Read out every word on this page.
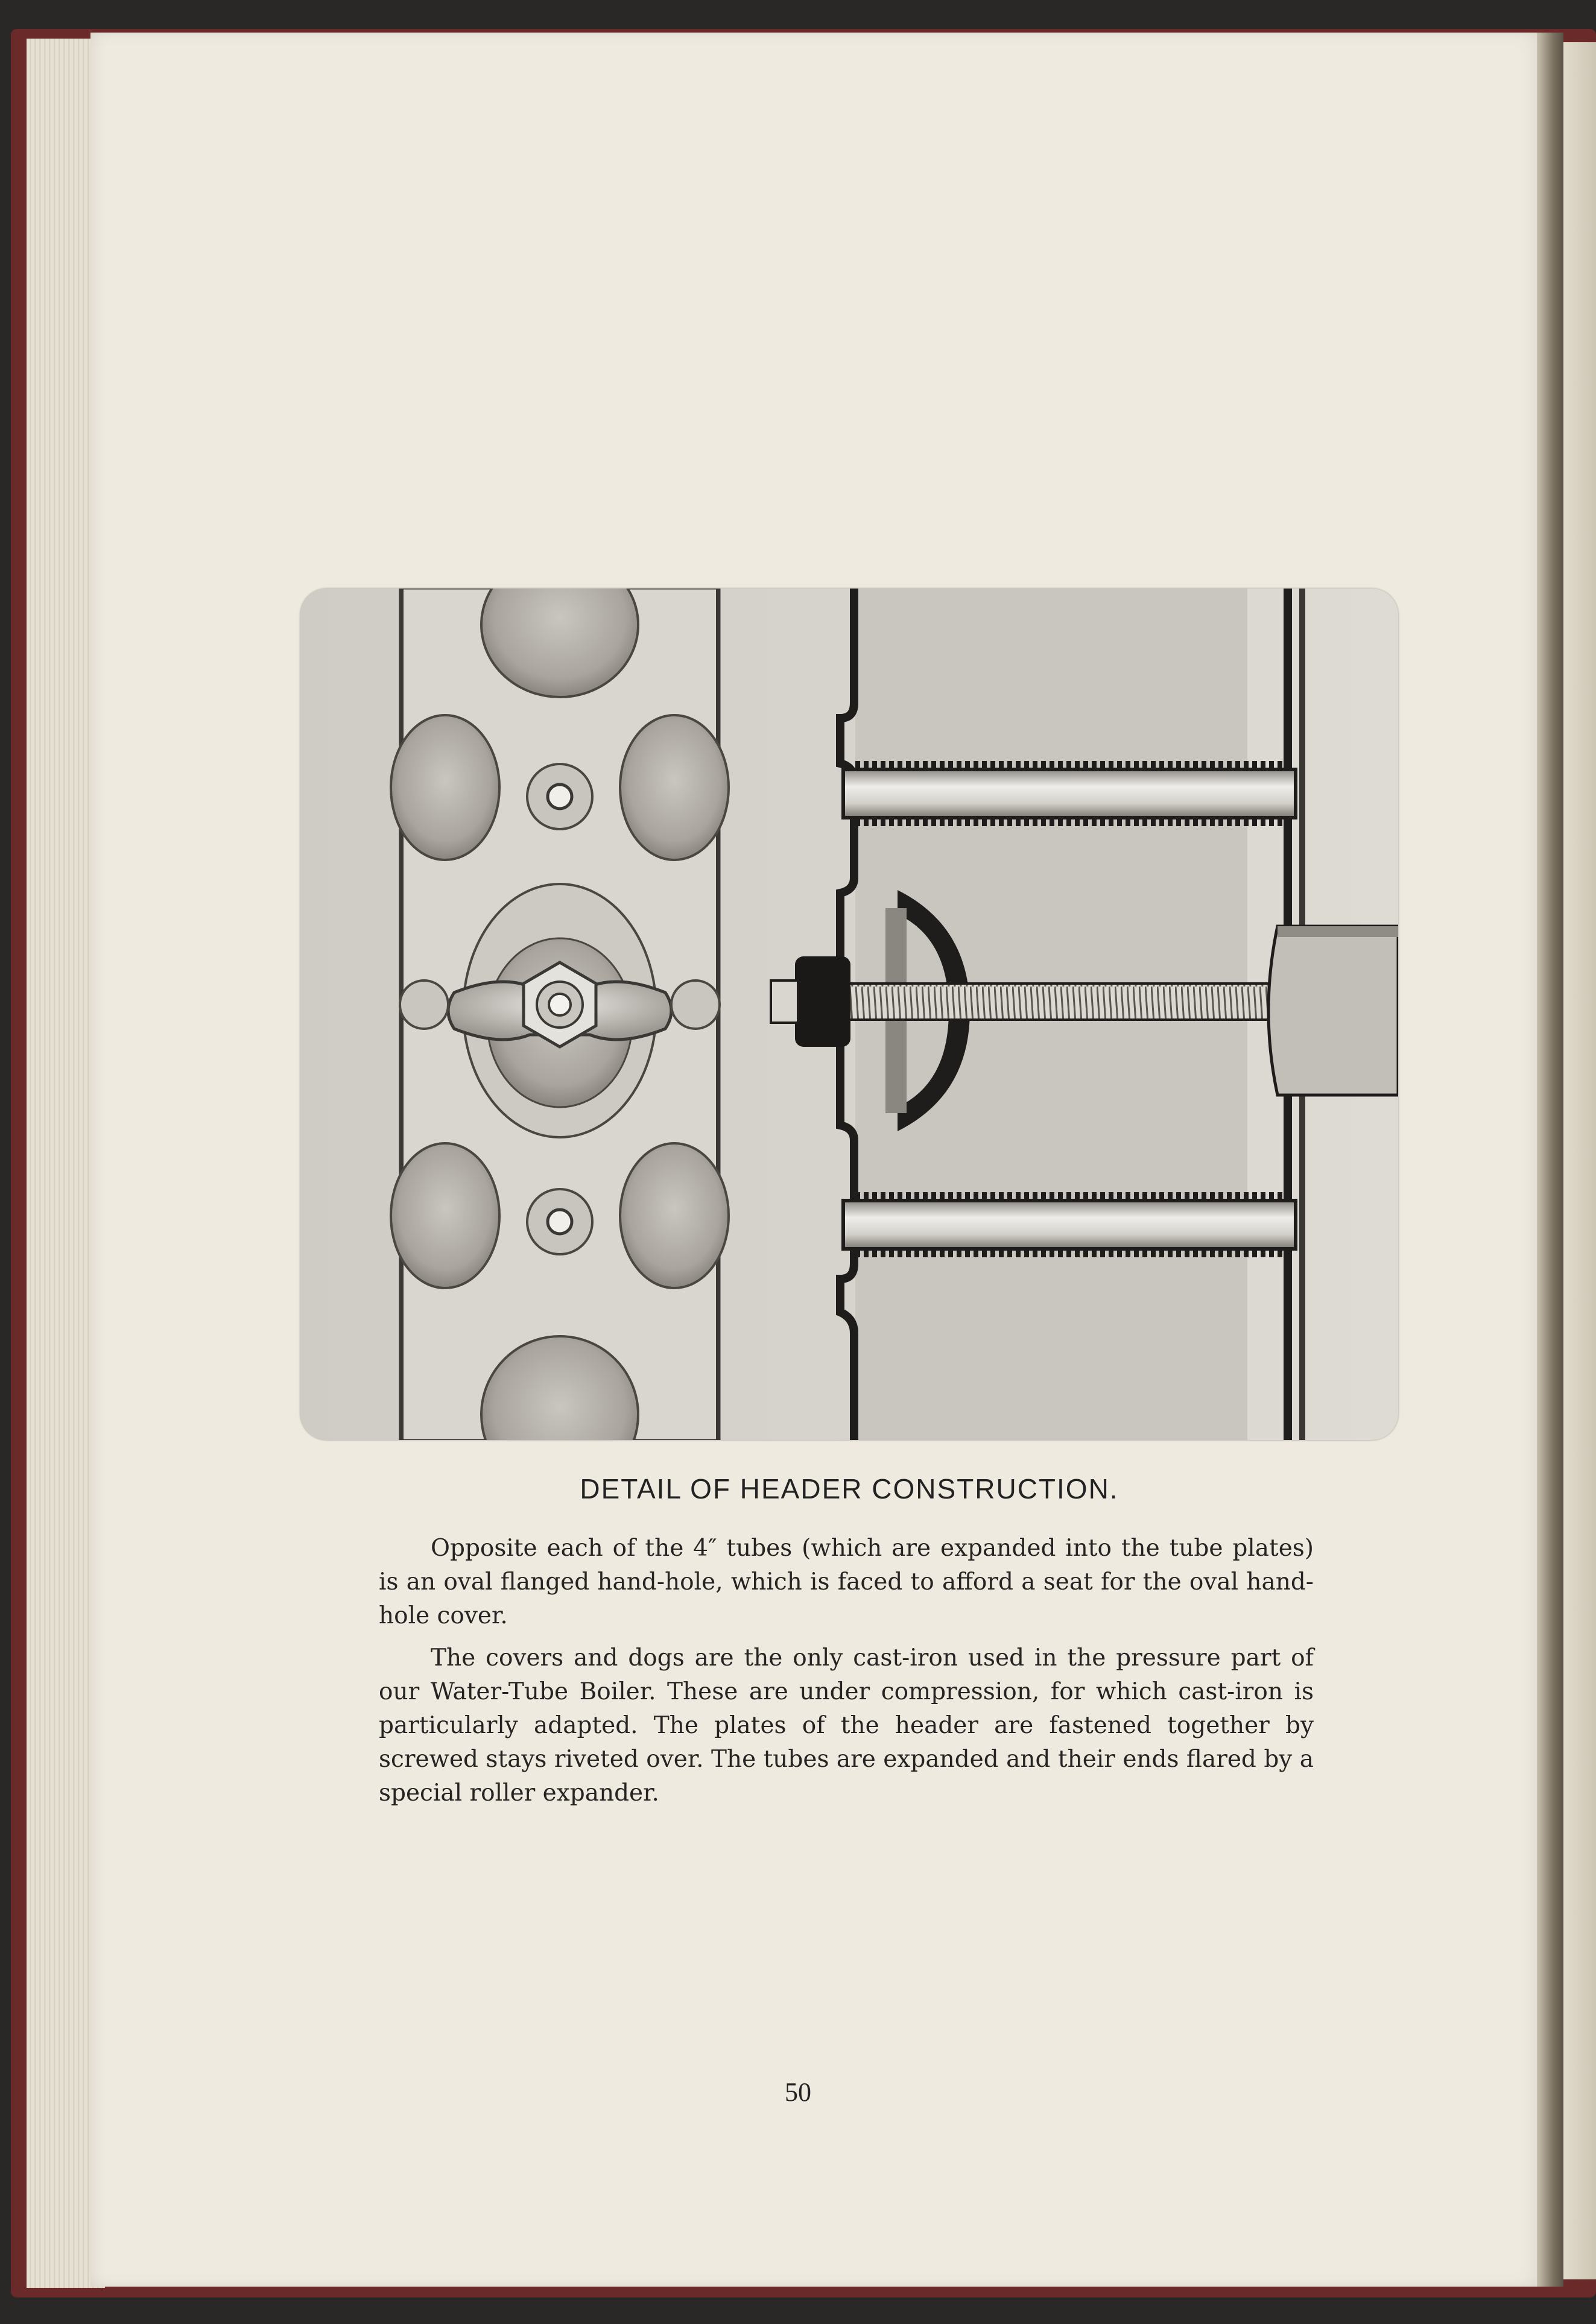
DETAIL OF HEADER CONSTRUCTION.

Opposite each of the 4″ tubes (which are expanded into the tube plates) is an oval flanged hand-hole, which is faced to afford a seat for the oval hand-hole cover.

The covers and dogs are the only cast-iron used in the pressure part of our Water-Tube Boiler. These are under compression, for which cast-iron is particularly adapted. The plates of the header are fastened together by screwed stays riveted over. The tubes are expanded and their ends flared by a special roller expander.

50
